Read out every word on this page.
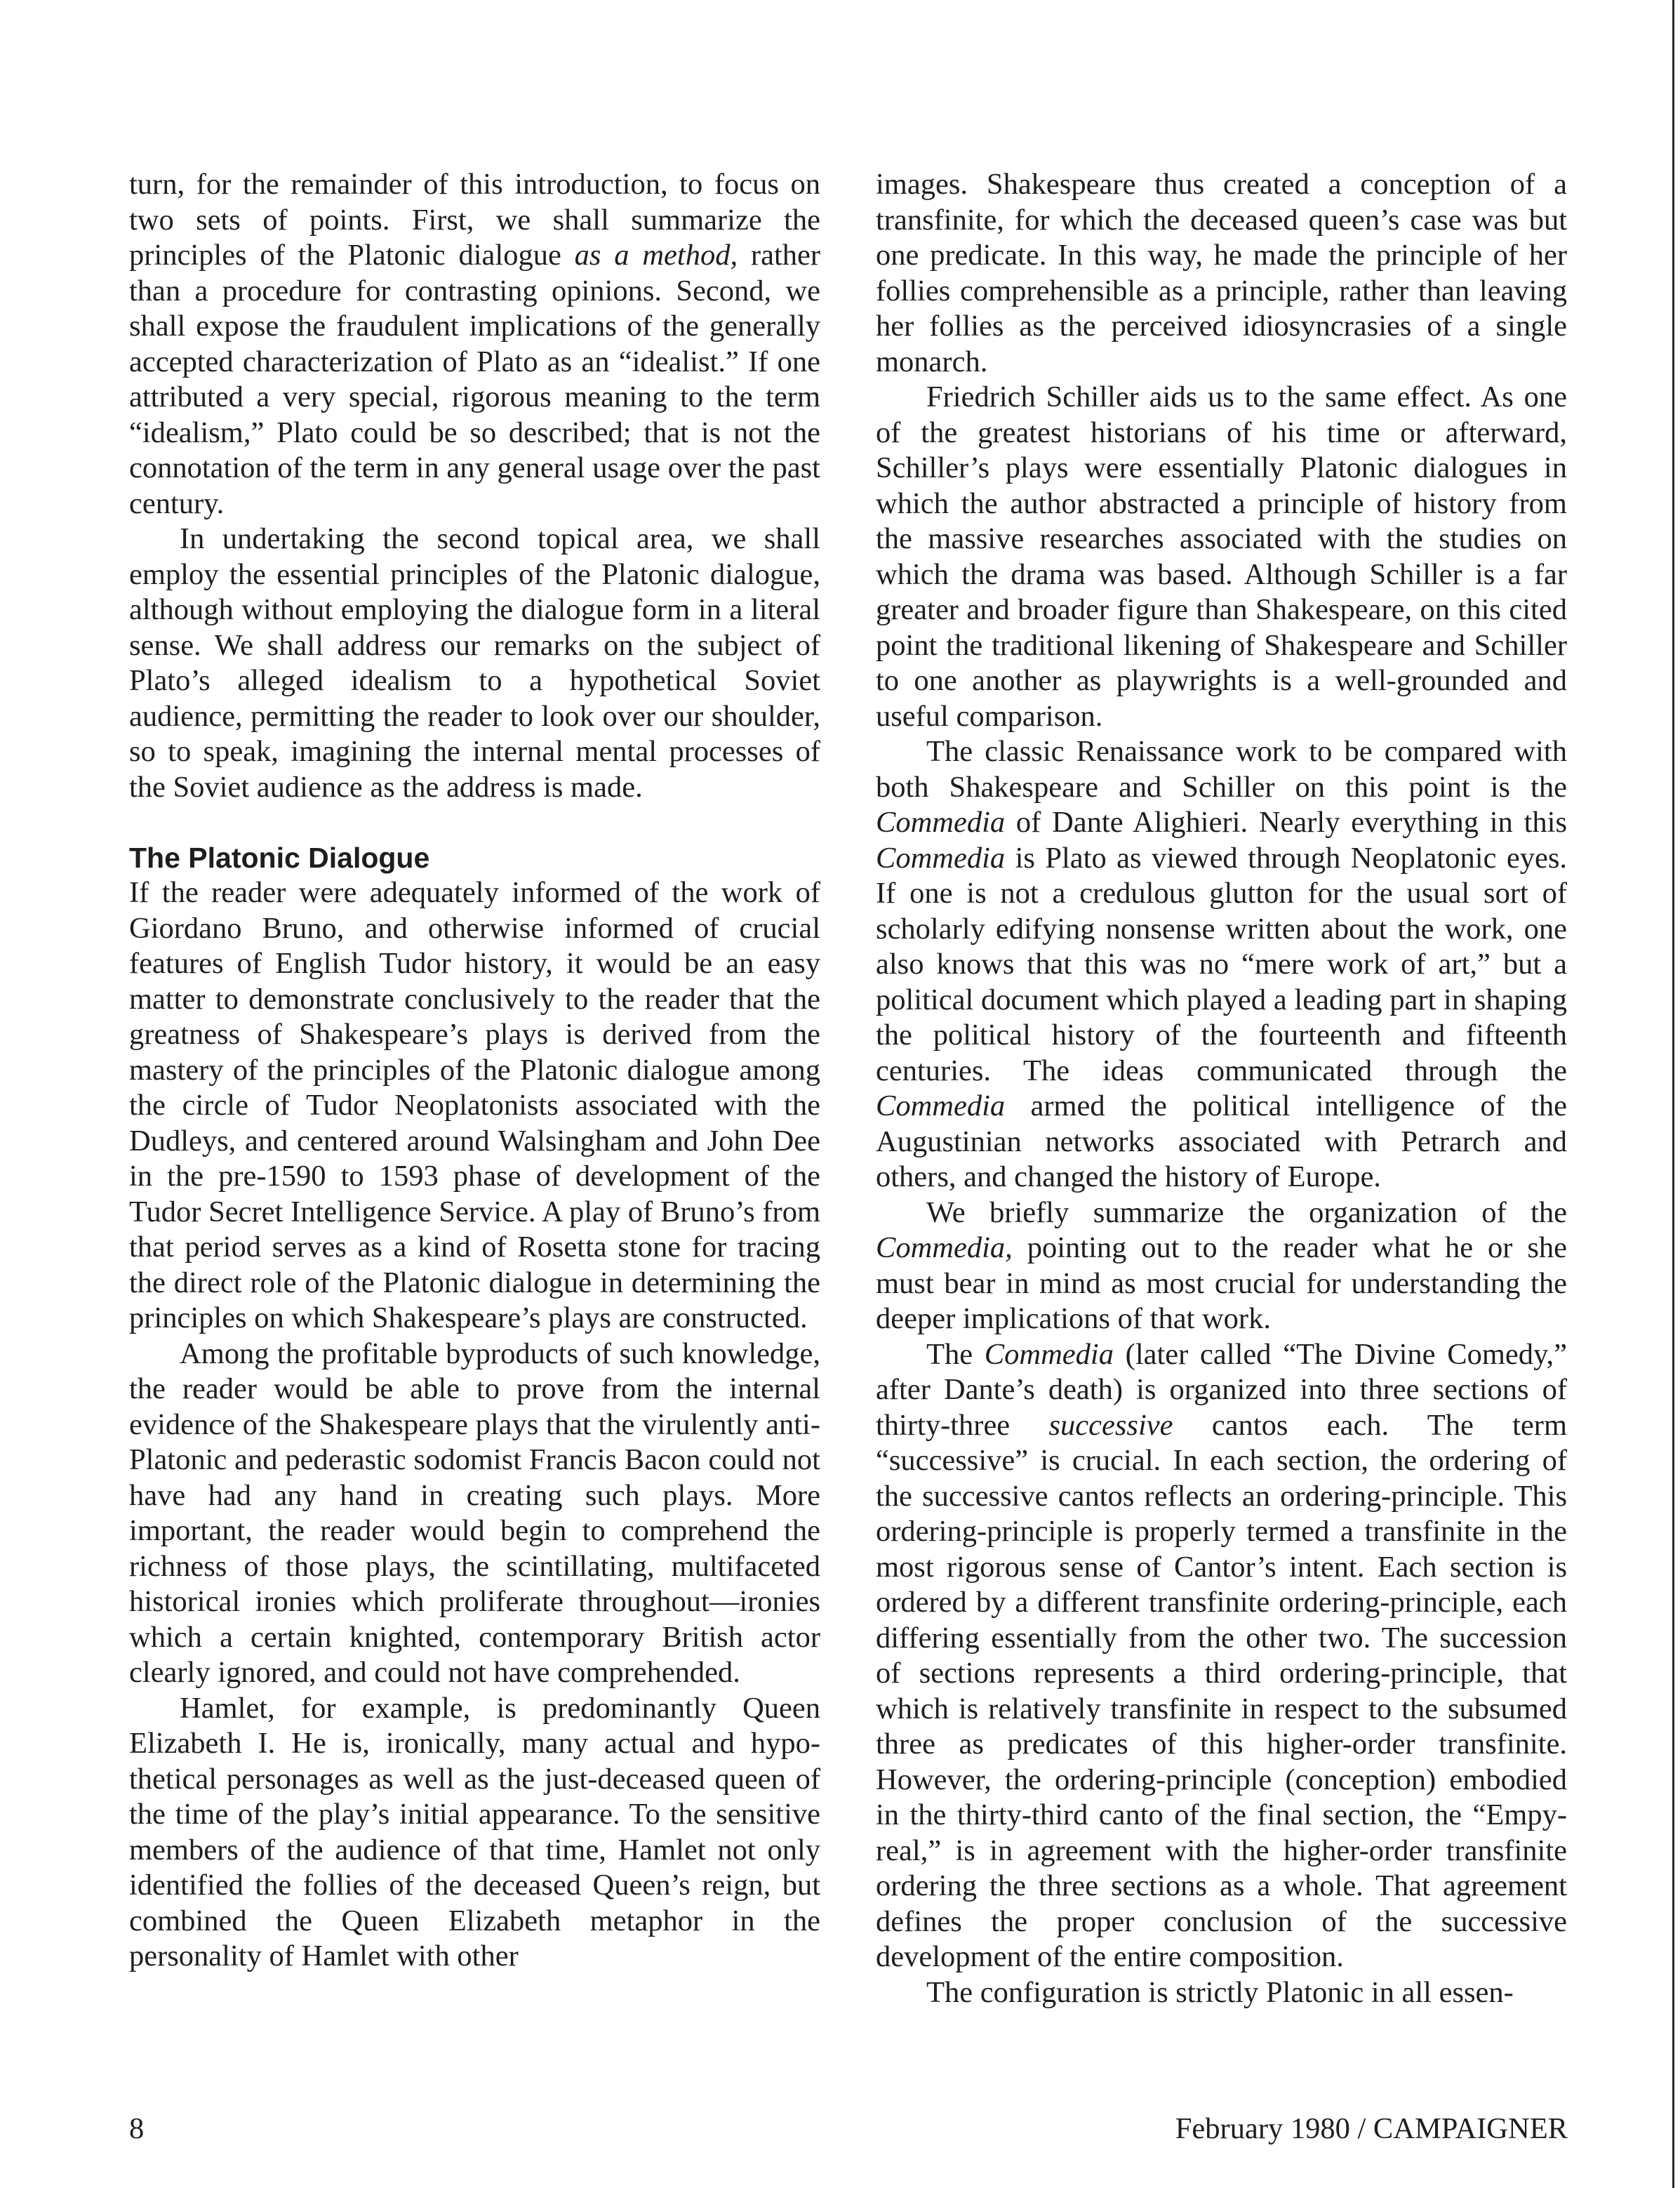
turn, for the remainder of this introduction, to focus on two sets of points. First, we shall summarize the principles of the Platonic dialogue as a method, rather than a procedure for contrasting opinions. Second, we shall expose the fraudulent implications of the generally accepted characterization of Plato as an “idealist.” If one attributed a very special, rigorous meaning to the term “idealism,” Plato could be so described; that is not the connotation of the term in any general usage over the past century.

In undertaking the second topical area, we shall employ the essential principles of the Platonic dialogue, although without employing the dialogue form in a literal sense. We shall address our remarks on the subject of Plato’s alleged idealism to a hypothetical Soviet audience, permitting the reader to look over our shoulder, so to speak, imagining the internal mental processes of the Soviet audience as the address is made.

The Platonic Dialogue

If the reader were adequately informed of the work of Giordano Bruno, and otherwise informed of crucial features of English Tudor history, it would be an easy matter to demonstrate conclusively to the reader that the greatness of Shakespeare’s plays is derived from the mastery of the principles of the Platonic dialogue among the circle of Tudor Neoplatonists associated with the Dudleys, and centered around Walsingham and John Dee in the pre-1590 to 1593 phase of development of the Tudor Secret Intelligence Service. A play of Bruno’s from that period serves as a kind of Rosetta stone for tracing the direct role of the Platonic dialogue in determining the principles on which Shakespeare’s plays are constructed.

Among the profitable byproducts of such knowledge, the reader would be able to prove from the internal evidence of the Shakespeare plays that the virulently anti-Platonic and pederastic sodomist Francis Bacon could not have had any hand in creating such plays. More important, the reader would begin to comprehend the richness of those plays, the scintillating, multifaceted historical ironies which proliferate throughout—ironies which a certain knighted, contemporary British actor clearly ignored, and could not have comprehended.

Hamlet, for example, is predominantly Queen Elizabeth I. He is, ironically, many actual and hypothetical personages as well as the just-deceased queen of the time of the play’s initial appearance. To the sensitive members of the audience of that time, Hamlet not only identified the follies of the deceased Queen’s reign, but combined the Queen Elizabeth metaphor in the personality of Hamlet with other

images. Shakespeare thus created a conception of a transfinite, for which the deceased queen’s case was but one predicate. In this way, he made the principle of her follies comprehensible as a principle, rather than leaving her follies as the perceived idiosyncrasies of a single monarch.

Friedrich Schiller aids us to the same effect. As one of the greatest historians of his time or afterward, Schiller’s plays were essentially Platonic dialogues in which the author abstracted a principle of history from the massive researches associated with the studies on which the drama was based. Although Schiller is a far greater and broader figure than Shakespeare, on this cited point the traditional likening of Shakespeare and Schiller to one another as playwrights is a well-grounded and useful comparison.

The classic Renaissance work to be compared with both Shakespeare and Schiller on this point is the Commedia of Dante Alighieri. Nearly everything in this Commedia is Plato as viewed through Neoplatonic eyes. If one is not a credulous glutton for the usual sort of scholarly edifying nonsense written about the work, one also knows that this was no “mere work of art,” but a political document which played a leading part in shaping the political history of the fourteenth and fifteenth centuries. The ideas communicated through the Commedia armed the political intelligence of the Augustinian networks associated with Petrarch and others, and changed the history of Europe.

We briefly summarize the organization of the Commedia, pointing out to the reader what he or she must bear in mind as most crucial for understanding the deeper implications of that work.

The Commedia (later called “The Divine Comedy,” after Dante’s death) is organized into three sections of thirty-three successive cantos each. The term “successive” is crucial. In each section, the ordering of the successive cantos reflects an ordering-principle. This ordering-principle is properly termed a transfinite in the most rigorous sense of Cantor’s intent. Each section is ordered by a different transfinite ordering-principle, each differing essentially from the other two. The succession of sections represents a third ordering-principle, that which is relatively transfinite in respect to the subsumed three as predicates of this higher-order transfinite. However, the ordering-principle (conception) embodied in the thirty-third canto of the final section, the “Empyreal,” is in agreement with the higher-order transfinite ordering the three sections as a whole. That agreement defines the proper conclusion of the successive development of the entire composition.

The configuration is strictly Platonic in all essen-

8	February 1980 / CAMPAIGNER
